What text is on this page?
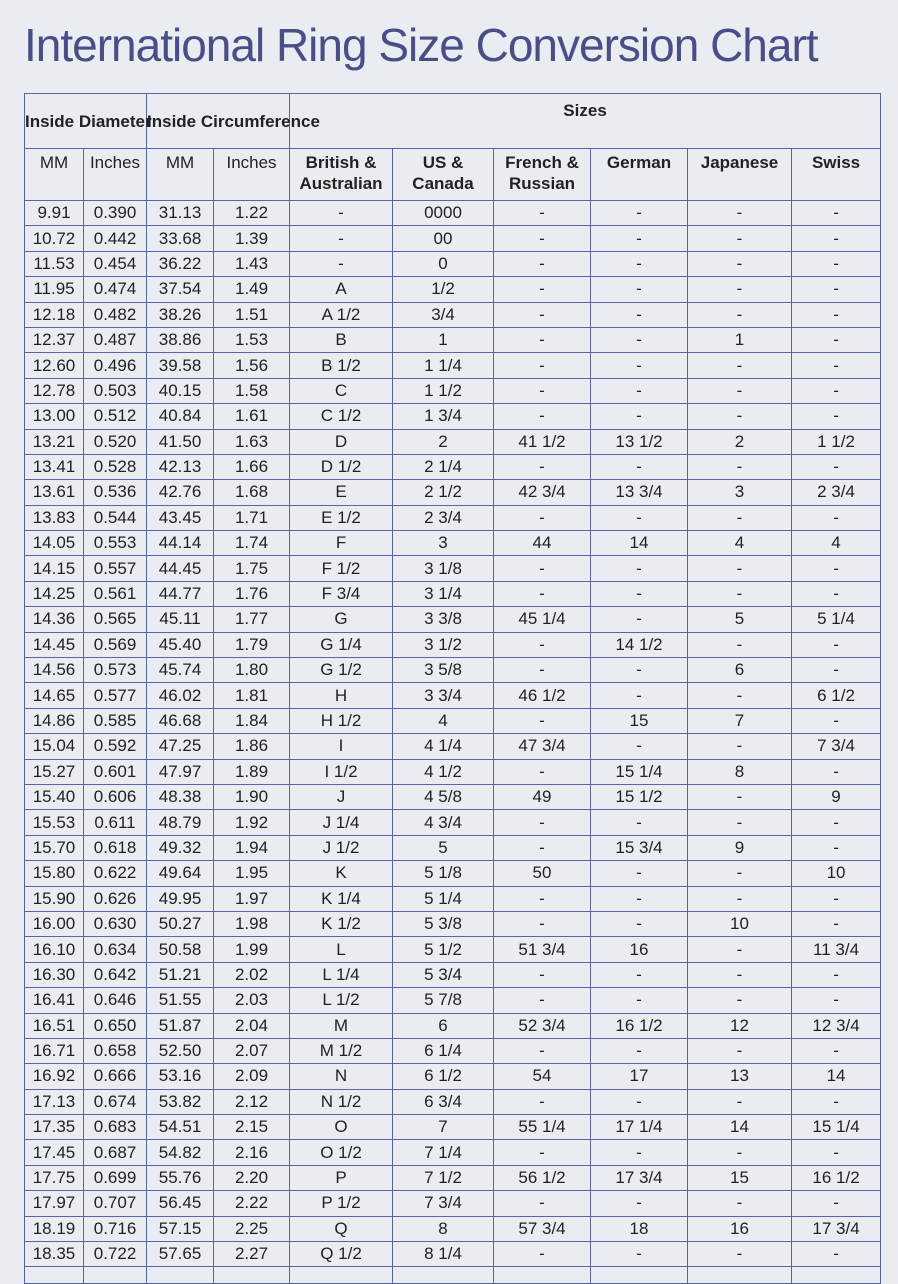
International Ring Size Conversion Chart
Inside Diameter		Inside Circumference		Sizes					
MM	Inches	MM	Inches	British & Australian	US & Canada	French & Russian	German	Japanese	Swiss
9.91	0.390	31.13	1.22	-	0000	-	-	-	-
10.72	0.442	33.68	1.39	-	00	-	-	-	-
11.53	0.454	36.22	1.43	-	0	-	-	-	-
11.95	0.474	37.54	1.49	A	1/2	-	-	-	-
12.18	0.482	38.26	1.51	A 1/2	3/4	-	-	-	-
12.37	0.487	38.86	1.53	B	1	-	-	1	-
12.60	0.496	39.58	1.56	B 1/2	1 1/4	-	-	-	-
12.78	0.503	40.15	1.58	C	1 1/2	-	-	-	-
13.00	0.512	40.84	1.61	C 1/2	1 3/4	-	-	-	-
13.21	0.520	41.50	1.63	D	2	41 1/2	13 1/2	2	1 1/2
13.41	0.528	42.13	1.66	D 1/2	2 1/4	-	-	-	-
13.61	0.536	42.76	1.68	E	2 1/2	42 3/4	13 3/4	3	2 3/4
13.83	0.544	43.45	1.71	E 1/2	2 3/4	-	-	-	-
14.05	0.553	44.14	1.74	F	3	44	14	4	4
14.15	0.557	44.45	1.75	F 1/2	3 1/8	-	-	-	-
14.25	0.561	44.77	1.76	F 3/4	3 1/4	-	-	-	-
14.36	0.565	45.11	1.77	G	3 3/8	45 1/4	-	5	5 1/4
14.45	0.569	45.40	1.79	G 1/4	3 1/2	-	14 1/2	-	-
14.56	0.573	45.74	1.80	G 1/2	3 5/8	-	-	6	-
14.65	0.577	46.02	1.81	H	3 3/4	46 1/2	-	-	6 1/2
14.86	0.585	46.68	1.84	H 1/2	4	-	15	7	-
15.04	0.592	47.25	1.86	I	4 1/4	47 3/4	-	-	7 3/4
15.27	0.601	47.97	1.89	I 1/2	4 1/2	-	15 1/4	8	-
15.40	0.606	48.38	1.90	J	4 5/8	49	15 1/2	-	9
15.53	0.611	48.79	1.92	J 1/4	4 3/4	-	-	-	-
15.70	0.618	49.32	1.94	J 1/2	5	-	15 3/4	9	-
15.80	0.622	49.64	1.95	K	5 1/8	50	-	-	10
15.90	0.626	49.95	1.97	K 1/4	5 1/4	-	-	-	-
16.00	0.630	50.27	1.98	K 1/2	5 3/8	-	-	10	-
16.10	0.634	50.58	1.99	L	5 1/2	51 3/4	16	-	11 3/4
16.30	0.642	51.21	2.02	L 1/4	5 3/4	-	-	-	-
16.41	0.646	51.55	2.03	L 1/2	5 7/8	-	-	-	-
16.51	0.650	51.87	2.04	M	6	52 3/4	16 1/2	12	12 3/4
16.71	0.658	52.50	2.07	M 1/2	6 1/4	-	-	-	-
16.92	0.666	53.16	2.09	N	6 1/2	54	17	13	14
17.13	0.674	53.82	2.12	N 1/2	6 3/4	-	-	-	-
17.35	0.683	54.51	2.15	O	7	55 1/4	17 1/4	14	15 1/4
17.45	0.687	54.82	2.16	O 1/2	7 1/4	-	-	-	-
17.75	0.699	55.76	2.20	P	7 1/2	56 1/2	17 3/4	15	16 1/2
17.97	0.707	56.45	2.22	P 1/2	7 3/4	-	-	-	-
18.19	0.716	57.15	2.25	Q	8	57 3/4	18	16	17 3/4
18.35	0.722	57.65	2.27	Q 1/2	8 1/4	-	-	-	-
